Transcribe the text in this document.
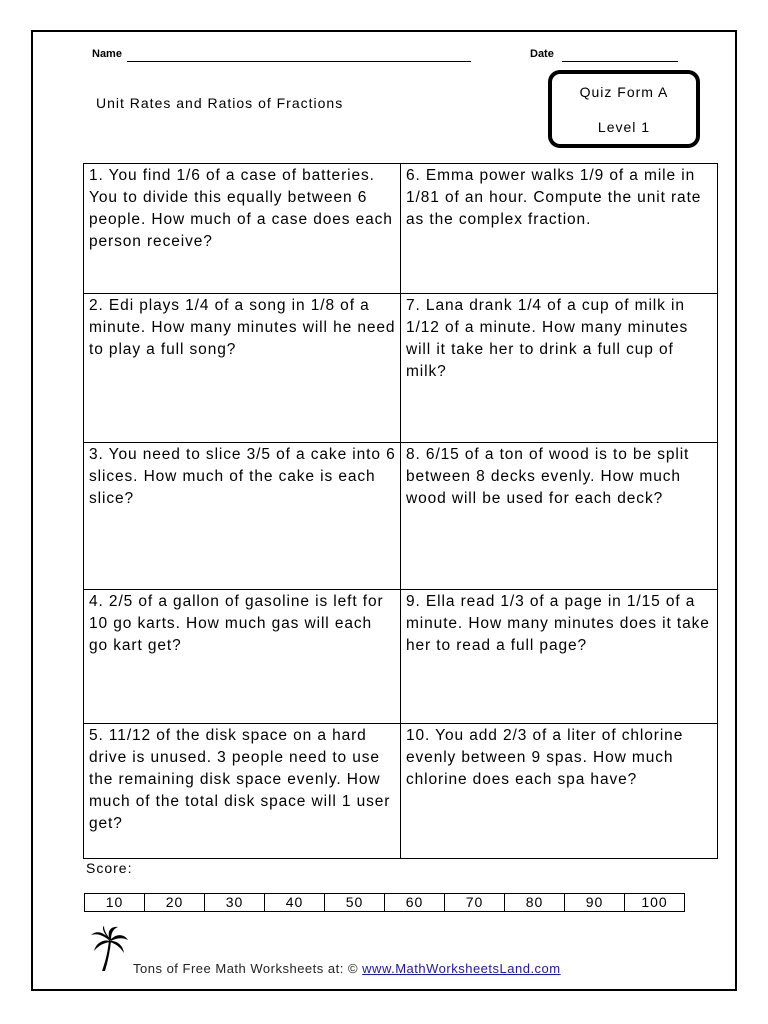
Name	Date
Unit Rates and Ratios of Fractions
Quiz Form A
Level 1
1. You find 1/6 of a case of batteries. You to divide this equally between 6 people. How much of a case does each person receive?	6. Emma power walks 1/9 of a mile in 1/81 of an hour. Compute the unit rate as the complex fraction.
2. Edi plays 1/4 of a song in 1/8 of a minute. How many minutes will he need to play a full song?	7. Lana drank 1/4 of a cup of milk in 1/12 of a minute. How many minutes will it take her to drink a full cup of milk?
3. You need to slice 3/5 of a cake into 6 slices. How much of the cake is each slice?	8. 6/15 of a ton of wood is to be split between 8 decks evenly. How much wood will be used for each deck?
4. 2/5 of a gallon of gasoline is left for 10 go karts. How much gas will each go kart get?	9. Ella read 1/3 of a page in 1/15 of a minute. How many minutes does it take her to read a full page?
5. 11/12 of the disk space on a hard drive is unused. 3 people need to use the remaining disk space evenly. How much of the total disk space will 1 user get?	10. You add 2/3 of a liter of chlorine evenly between 9 spas. How much chlorine does each spa have?
Score:
10	20	30	40	50	60	70	80	90	100
Tons of Free Math Worksheets at: © www.MathWorksheetsLand.com
